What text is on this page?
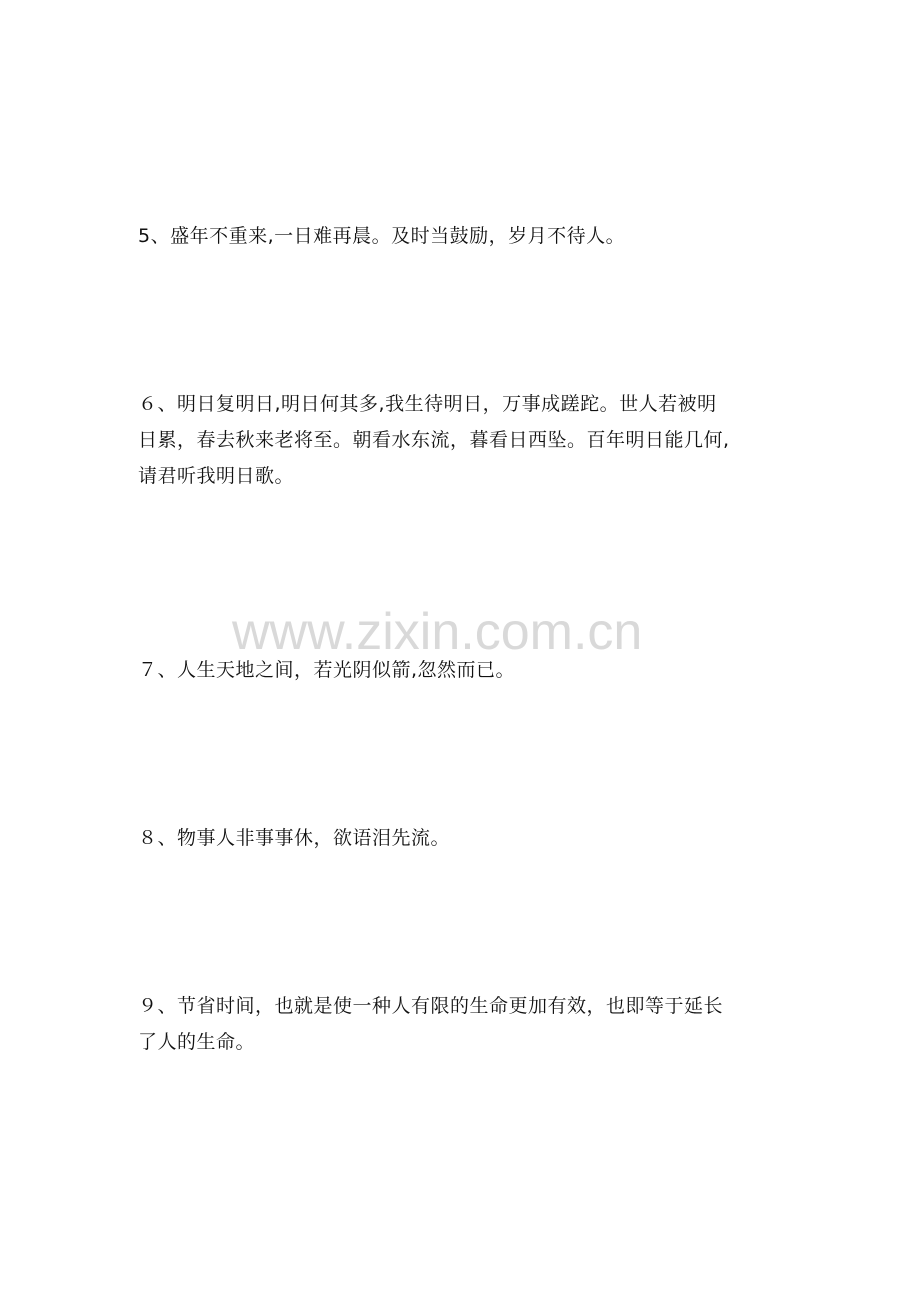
www.zixin.com.cn

5、盛年不重来,一日难再晨。及时当鼓励，岁月不待人。

６、明日复明日,明日何其多,我生待明日，万事成蹉跎。世人若被明
日累，春去秋来老将至。朝看水东流，暮看日西坠。百年明日能几何,
请君听我明日歌。

７、人生天地之间，若光阴似箭,忽然而已。

８、物事人非事事休，欲语泪先流。

９、节省时间，也就是使一种人有限的生命更加有效，也即等于延长
了人的生命。
